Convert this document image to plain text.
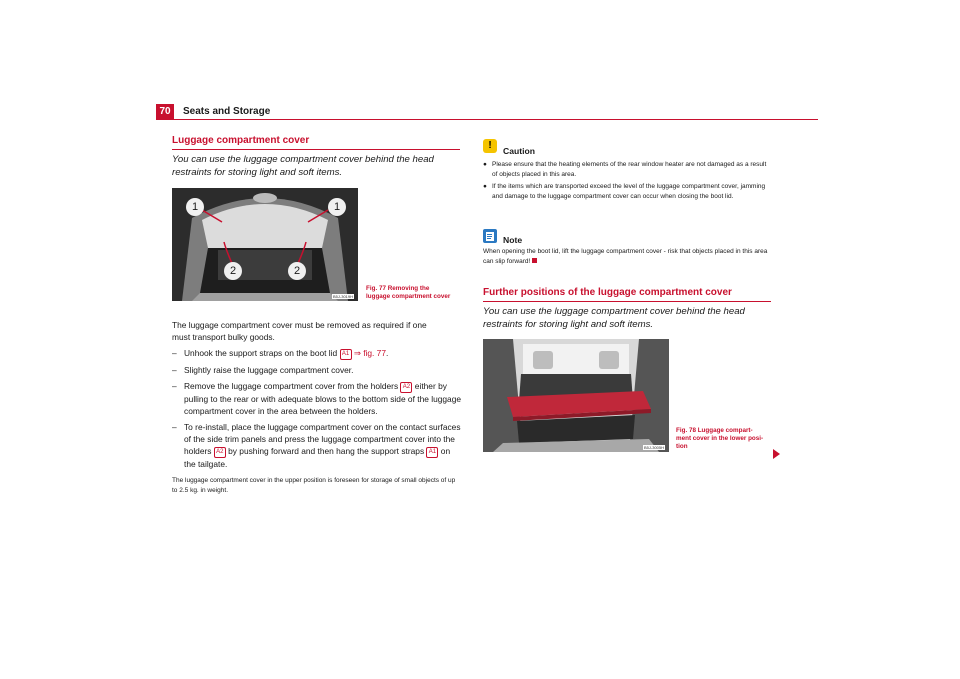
70	Seats and Storage
Luggage compartment cover

You can use the luggage compartment cover behind the head restraints for storing light and soft items.

1	1
2	2
B5J-3019H
Fig. 77 Removing the
luggage compartment cover

The luggage compartment cover must be removed as required if one

must transport bulky goods.

– Unhook the support straps on the boot lid A1 ⇒ fig. 77.
– Slightly raise the luggage compartment cover.
– Remove the luggage compartment cover from the holders A2 either by pulling to the rear or with adequate blows to the bottom side of the luggage compartment cover in the area between the holders.
– To re-install, place the luggage compartment cover on the contact surfaces of the side trim panels and press the luggage compartment cover into the holders A2 by pushing forward and then hang the support straps A1 on the tailgate.

The luggage compartment cover in the upper position is foreseen for storage of small objects of up to 2.5 kg. in weight.

!	Caution
● Please ensure that the heating elements of the rear window heater are not damaged as a result of objects placed in this area.
● If the items which are transported exceed the level of the luggage compartment cover, jamming and damage to the luggage compartment cover can occur when closing the boot lid.
Note

When opening the boot lid, lift the luggage compartment cover - risk that objects placed in this area can slip forward!

Further positions of the luggage compartment cover

You can use the luggage compartment cover behind the head restraints for storing light and soft items.

B5J-3005H
Fig. 78 Luggage compart-
ment cover in the lower posi-
tion
